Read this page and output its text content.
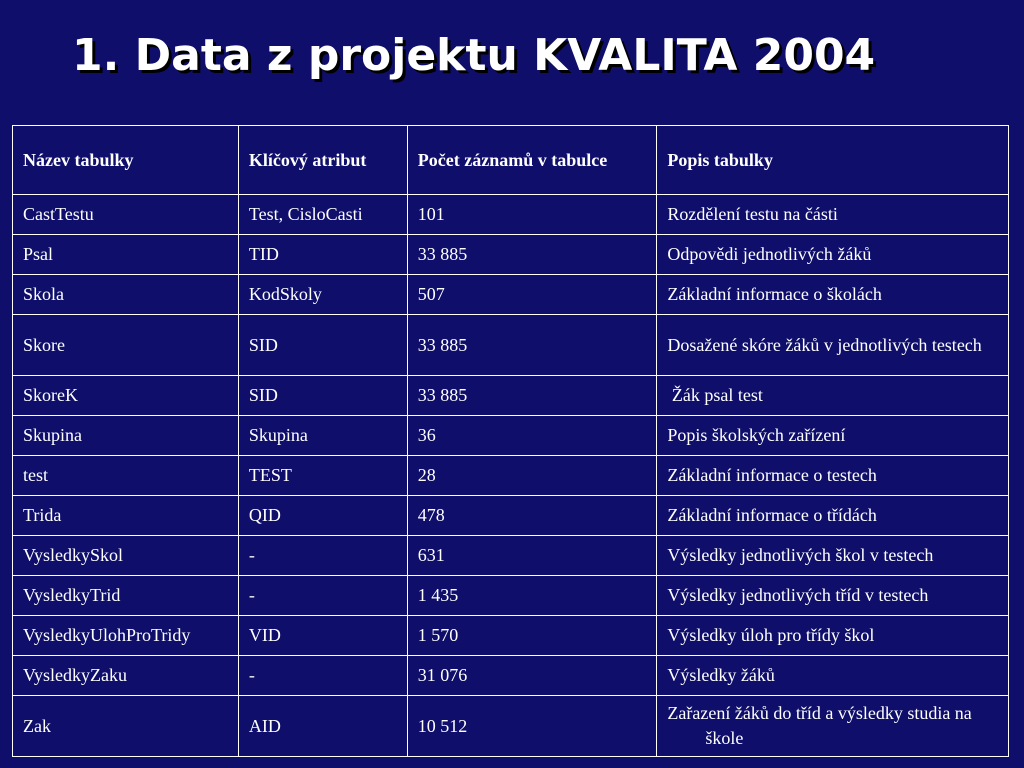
1. Data z projektu KVALITA 2004
Název tabulky	Klíčový atribut	Počet záznamů v tabulce	Popis tabulky
CastTestu	Test, CisloCasti	101	Rozdělení testu na části

Psal	TID	33 885	Odpovědi jednotlivých žáků

Skola	KodSkoly	507	Základní informace o školách

Skore	SID	33 885	Dosažené skóre žáků v jednotlivých testech

SkoreK	SID	33 885	Žák psal test

Skupina	Skupina	36	Popis školských zařízení

test	TEST	28	Základní informace o testech

Trida	QID	478	Základní informace o třídách

VysledkySkol	-	631	Výsledky jednotlivých škol v testech

VysledkyTrid	-	1 435	Výsledky jednotlivých tříd v testech

VysledkyUlohProTridy	VID	1 570	Výsledky úloh pro třídy škol

VysledkyZaku	-	31 076	Výsledky žáků

Zak	AID	10 512	Zařazení žáků do tříd a výsledky studia na škole
